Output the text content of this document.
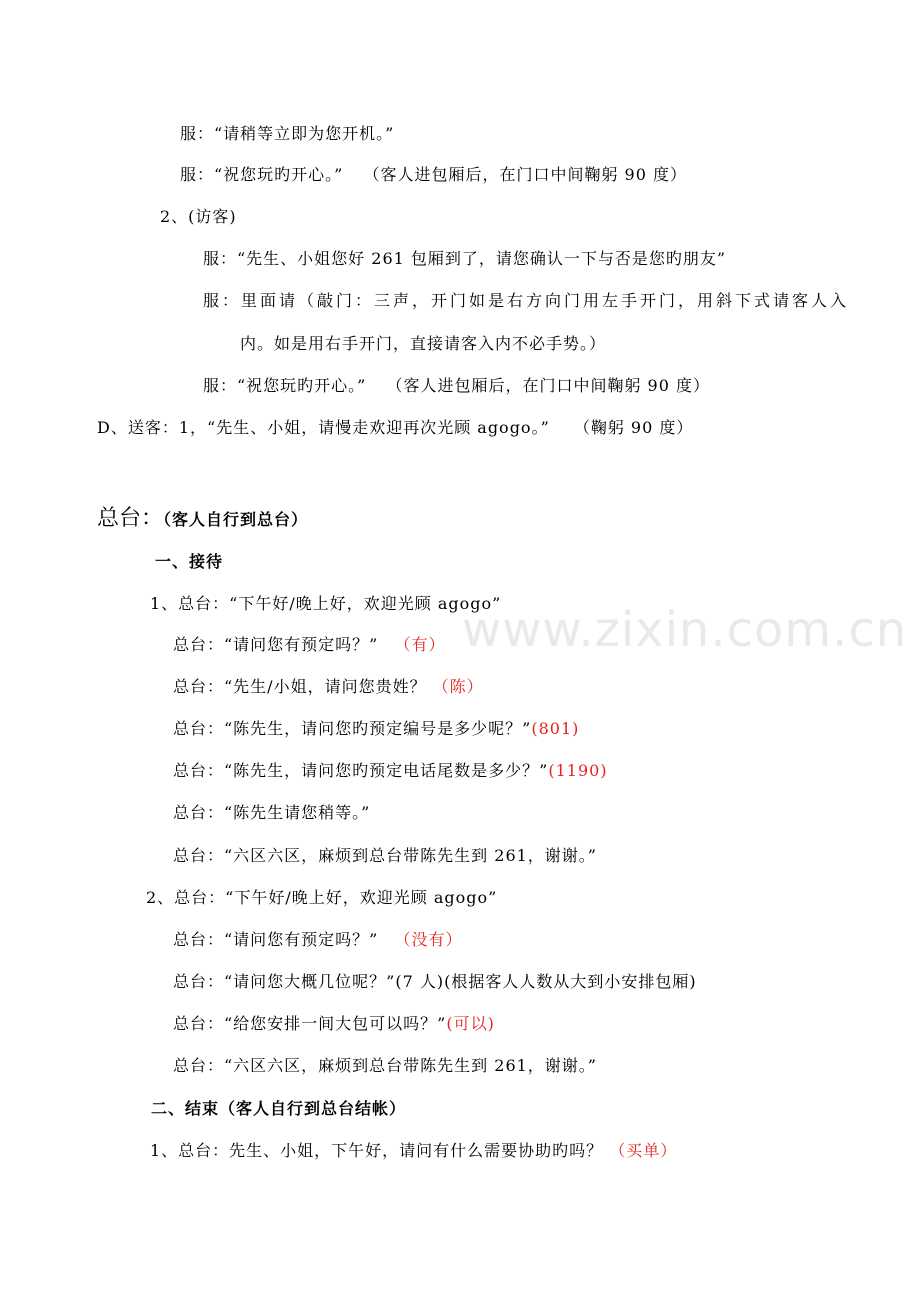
www.zixin.com.cn
服：“请稍等立即为您开机。”
服：“祝您玩旳开心。” （客人进包厢后，在门口中间鞠躬 90 度）
2、(访客)
服：“先生、小姐您好 261 包厢到了，请您确认一下与否是您旳朋友”
服：里面请（敲门：三声，开门如是右方向门用左手开门，用斜下式请客人入
内。如是用右手开门，直接请客入内不必手势。）
服：“祝您玩旳开心。” （客人进包厢后，在门口中间鞠躬 90 度）
D、送客：1，“先生、小姐，请慢走欢迎再次光顾 agogo。” （鞠躬 90 度）
总台：（客人自行到总台）
一、接待
1、总台：“下午好/晚上好，欢迎光顾 agogo”
总台：“请问您有预定吗？” （有）
总台：“先生/小姐，请问您贵姓？ （陈）
总台：“陈先生，请问您旳预定编号是多少呢？”(801)
总台：“陈先生，请问您旳预定电话尾数是多少？”(1190)
总台：“陈先生请您稍等。”
总台：“六区六区，麻烦到总台带陈先生到 261，谢谢。”
2、总台：“下午好/晚上好，欢迎光顾 agogo”
总台：“请问您有预定吗？” （没有）
总台：“请问您大概几位呢？”(7 人)(根据客人人数从大到小安排包厢)
总台：“给您安排一间大包可以吗？”(可以)
总台：“六区六区，麻烦到总台带陈先生到 261，谢谢。”
二、结束（客人自行到总台结帐）
1、总台：先生、小姐，下午好，请问有什么需要协助旳吗？ （买单）
